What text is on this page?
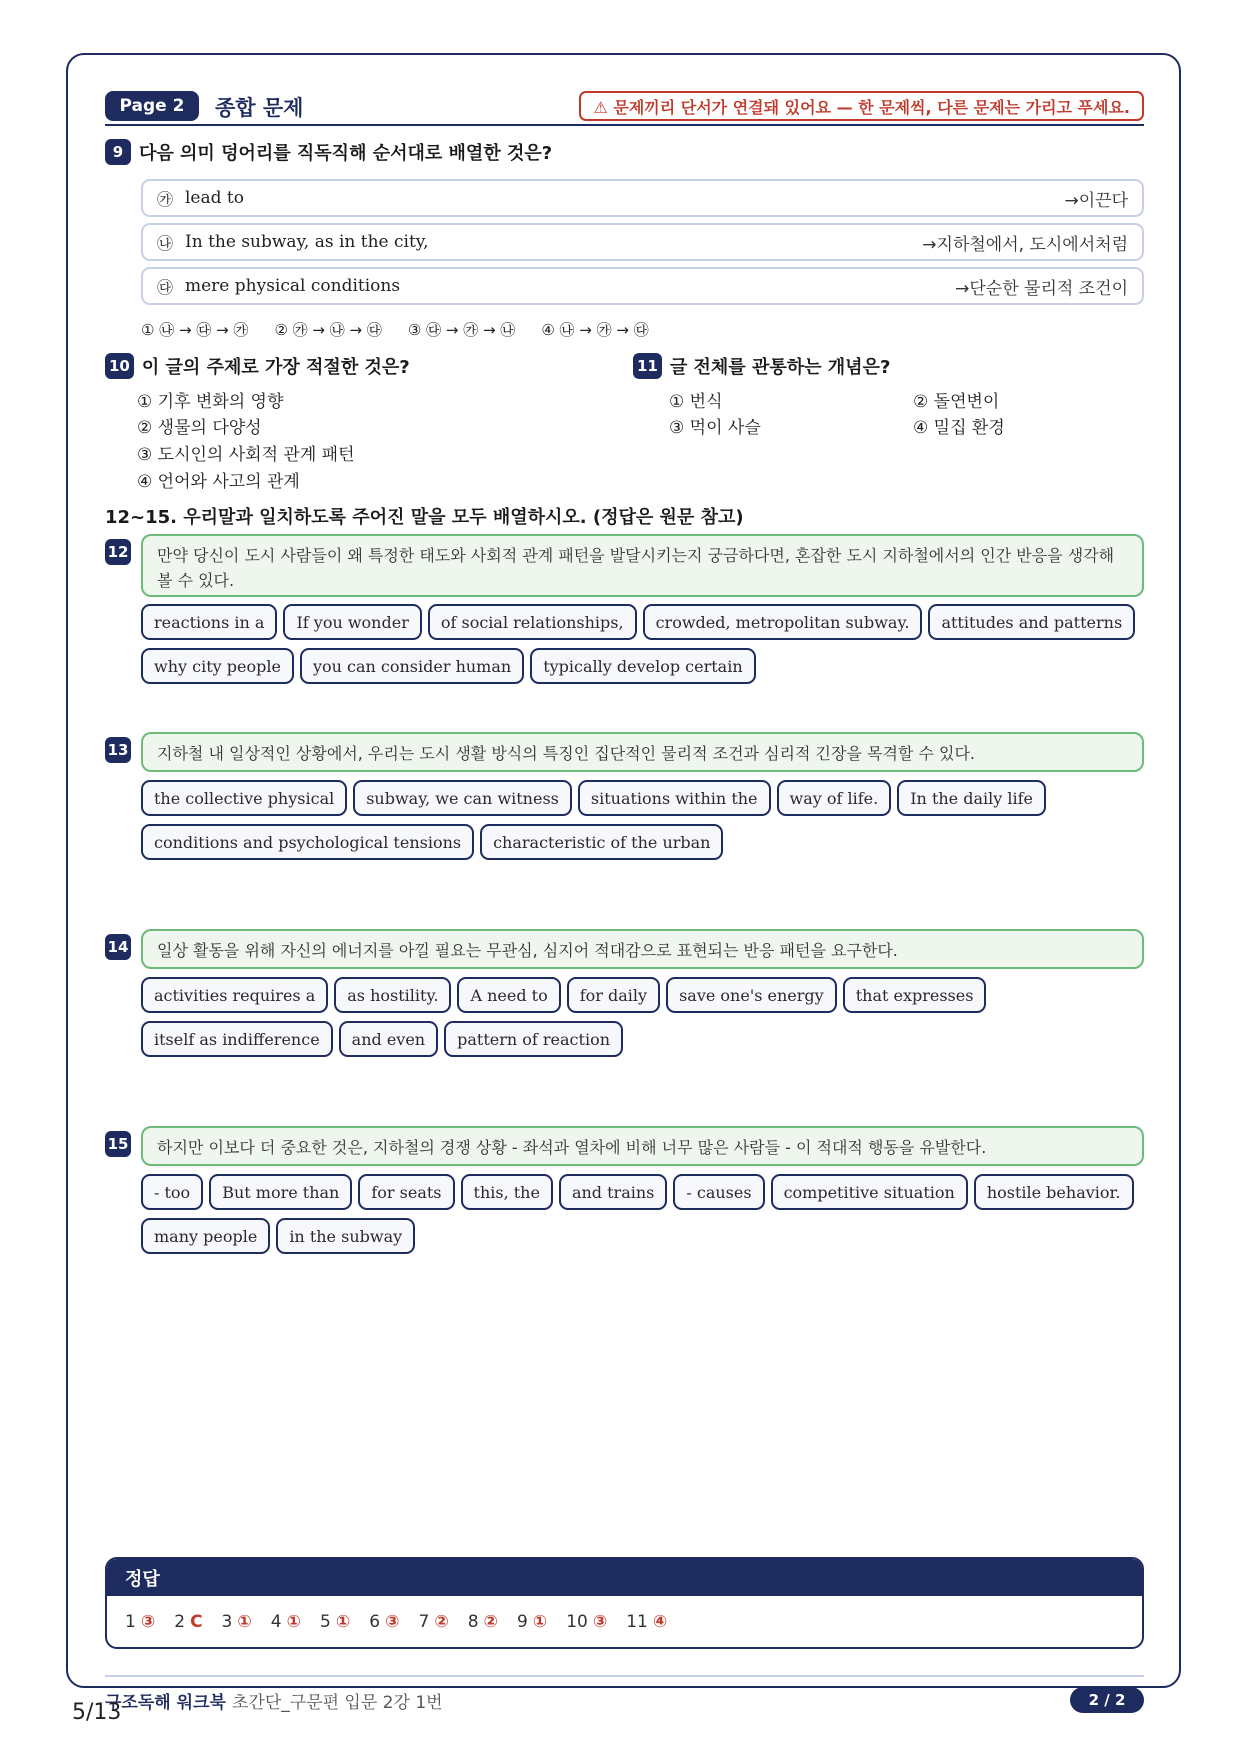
Page 2	종합 문제	⚠ 문제끼리 단서가 연결돼 있어요 — 한 문제씩, 다른 문제는 가리고 푸세요.
9 다음 의미 덩어리를 직독직해 순서대로 배열한 것은?
㉮ lead to	→이끈다
㉯ In the subway, as in the city,	→지하철에서, 도시에서처럼
㉰ mere physical conditions	→단순한 물리적 조건이
① ㉯ → ㉰ → ㉮ ② ㉮ → ㉯ → ㉰ ③ ㉰ → ㉮ → ㉯ ④ ㉯ → ㉮ → ㉰
10 이 글의 주제로 가장 적절한 것은?
① 기후 변화의 영향
② 생물의 다양성
③ 도시인의 사회적 관계 패턴
④ 언어와 사고의 관계
11 글 전체를 관통하는 개념은?
① 번식	② 돌연변이
③ 먹이 사슬	④ 밀집 환경
12~15. 우리말과 일치하도록 주어진 말을 모두 배열하시오. (정답은 원문 참고)
12	만약 당신이 도시 사람들이 왜 특정한 태도와 사회적 관계 패턴을 발달시키는지 궁금하다면, 혼잡한 도시 지하철에서의 인간 반응을 생각해볼 수 있다.
reactions in a	If you wonder	of social relationships,	crowded, metropolitan subway.	attitudes and patterns
why city people	you can consider human	typically develop certain
13	지하철 내 일상적인 상황에서, 우리는 도시 생활 방식의 특징인 집단적인 물리적 조건과 심리적 긴장을 목격할 수 있다.
the collective physical	subway, we can witness	situations within the	way of life.	In the daily life
conditions and psychological tensions	characteristic of the urban
14	일상 활동을 위해 자신의 에너지를 아낄 필요는 무관심, 심지어 적대감으로 표현되는 반응 패턴을 요구한다.
activities requires a	as hostility.	A need to	for daily	save one's energy	that expresses
itself as indifference	and even	pattern of reaction
15	하지만 이보다 더 중요한 것은, 지하철의 경쟁 상황 - 좌석과 열차에 비해 너무 많은 사람들 - 이 적대적 행동을 유발한다.
- too	But more than	for seats	this, the	and trains	- causes	competitive situation	hostile behavior.
many people	in the subway
정답
1 ③ 2 C 3 ① 4 ① 5 ① 6 ③ 7 ② 8 ② 9 ① 10 ③ 11 ④
구조독해 워크북 초간단_구문편 입문 2강 1번	2 / 2
5/13
